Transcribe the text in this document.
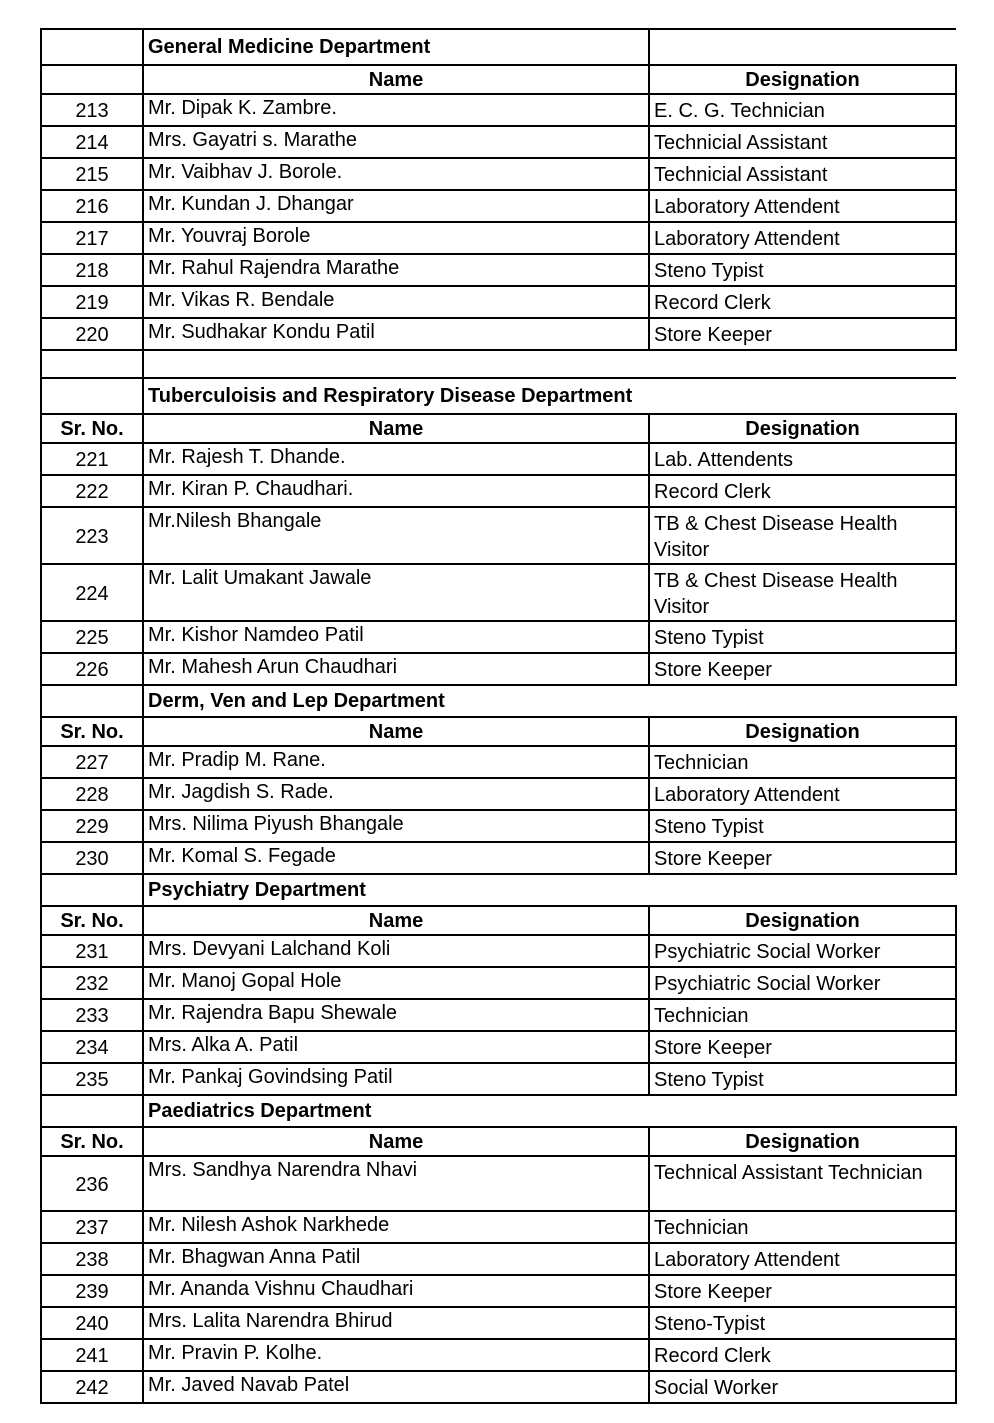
	General Medicine Department	
	Name	Designation
213	Mr. Dipak K. Zambre.	E. C. G. Technician
214	Mrs. Gayatri s. Marathe	Technicial Assistant
215	Mr. Vaibhav J. Borole.	Technicial Assistant
216	Mr. Kundan J. Dhangar	Laboratory Attendent
217	Mr. Youvraj Borole	Laboratory Attendent
218	Mr. Rahul Rajendra Marathe	Steno Typist
219	Mr. Vikas R. Bendale	Record Clerk
220	Mr. Sudhakar Kondu Patil	Store Keeper

	Tuberculoisis and Respiratory Disease Department	
Sr. No.	Name	Designation
221	Mr. Rajesh T. Dhande.	Lab. Attendents
222	Mr. Kiran P. Chaudhari.	Record Clerk
223	Mr.Nilesh Bhangale	TB & Chest Disease Health Visitor
224	Mr. Lalit Umakant Jawale	TB & Chest Disease Health Visitor
225	Mr. Kishor Namdeo Patil	Steno Typist
226	Mr. Mahesh Arun Chaudhari	Store Keeper
	Derm, Ven and Lep Department	
Sr. No.	Name	Designation
227	Mr. Pradip M. Rane.	Technician
228	Mr. Jagdish S. Rade.	Laboratory Attendent
229	Mrs. Nilima Piyush Bhangale	Steno Typist
230	Mr. Komal S. Fegade	Store Keeper
	Psychiatry Department	
Sr. No.	Name	Designation
231	Mrs. Devyani Lalchand Koli	Psychiatric Social Worker
232	Mr. Manoj Gopal Hole	Psychiatric Social Worker
233	Mr. Rajendra Bapu Shewale	Technician
234	Mrs. Alka A. Patil	Store Keeper
235	Mr. Pankaj Govindsing Patil	Steno Typist
	Paediatrics Department	
Sr. No.	Name	Designation
236	Mrs. Sandhya Narendra Nhavi	Technical Assistant Technician
237	Mr. Nilesh Ashok Narkhede	Technician
238	Mr. Bhagwan Anna Patil	Laboratory Attendent
239	Mr. Ananda Vishnu Chaudhari	Store Keeper
240	Mrs. Lalita Narendra Bhirud	Steno-Typist
241	Mr. Pravin P. Kolhe.	Record Clerk
242	Mr. Javed Navab Patel	Social Worker
